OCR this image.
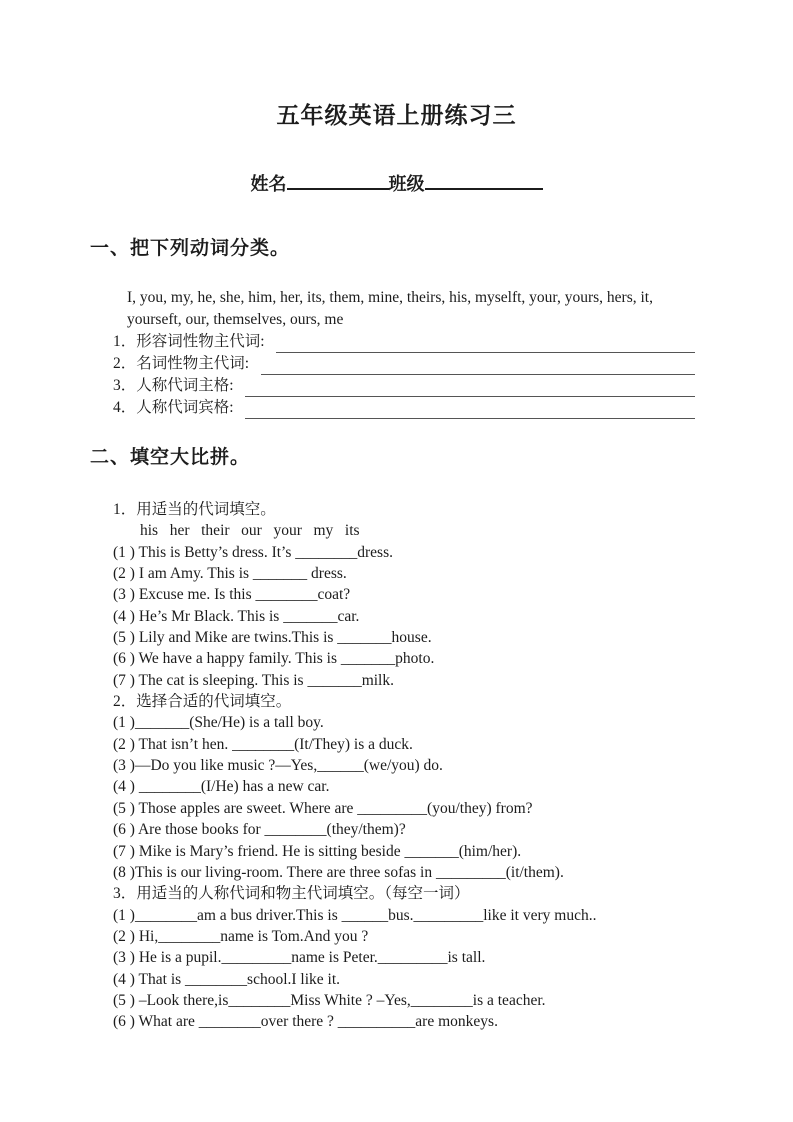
五年级英语上册练习三
姓名	班级
一、把下列动词分类。
I, you, my, he, she, him, her, its, them, mine, theirs, his, myselft, your, yours, hers, it, yourseft, our, themselves, ours, me
1．形容词性物主代词:
2．名词性物主代词:
3．人称代词主格:
4．人称代词宾格:
二、填空大比拼。
1．用适当的代词填空。
his   her   their   our   your   my   its
(1 ) This is Betty’s dress. It’s ________dress.
(2 ) I am Amy. This is _______ dress.
(3 ) Excuse me. Is this ________coat?
(4 ) He’s Mr Black. This is _______car.
(5 ) Lily and Mike are twins.This is _______house.
(6 ) We have a happy family. This is _______photo.
(7 ) The cat is sleeping. This is _______milk.
2．选择合适的代词填空。
(1 )_______(She/He) is a tall boy.
(2 ) That isn’t hen. ________(It/They) is a duck.
(3 )—Do you like music ?—Yes,______(we/you) do.
(4 ) ________(I/He) has a new car.
(5 ) Those apples are sweet. Where are _________(you/they) from?
(6 ) Are those books for ________(they/them)?
(7 ) Mike is Mary’s friend. He is sitting beside _______(him/her).
(8 )This is our living-room. There are three sofas in _________(it/them).
3．用适当的人称代词和物主代词填空。（每空一词）
(1 )________am a bus driver.This is ______bus._________like it very much..
(2 ) Hi,________name is Tom.And you ?
(3 ) He is a pupil._________name is Peter._________is tall.
(4 ) That is ________school.I like it.
(5 ) –Look there,is________Miss White ? –Yes,________is a teacher.
(6 ) What are ________over there ? __________are monkeys.
